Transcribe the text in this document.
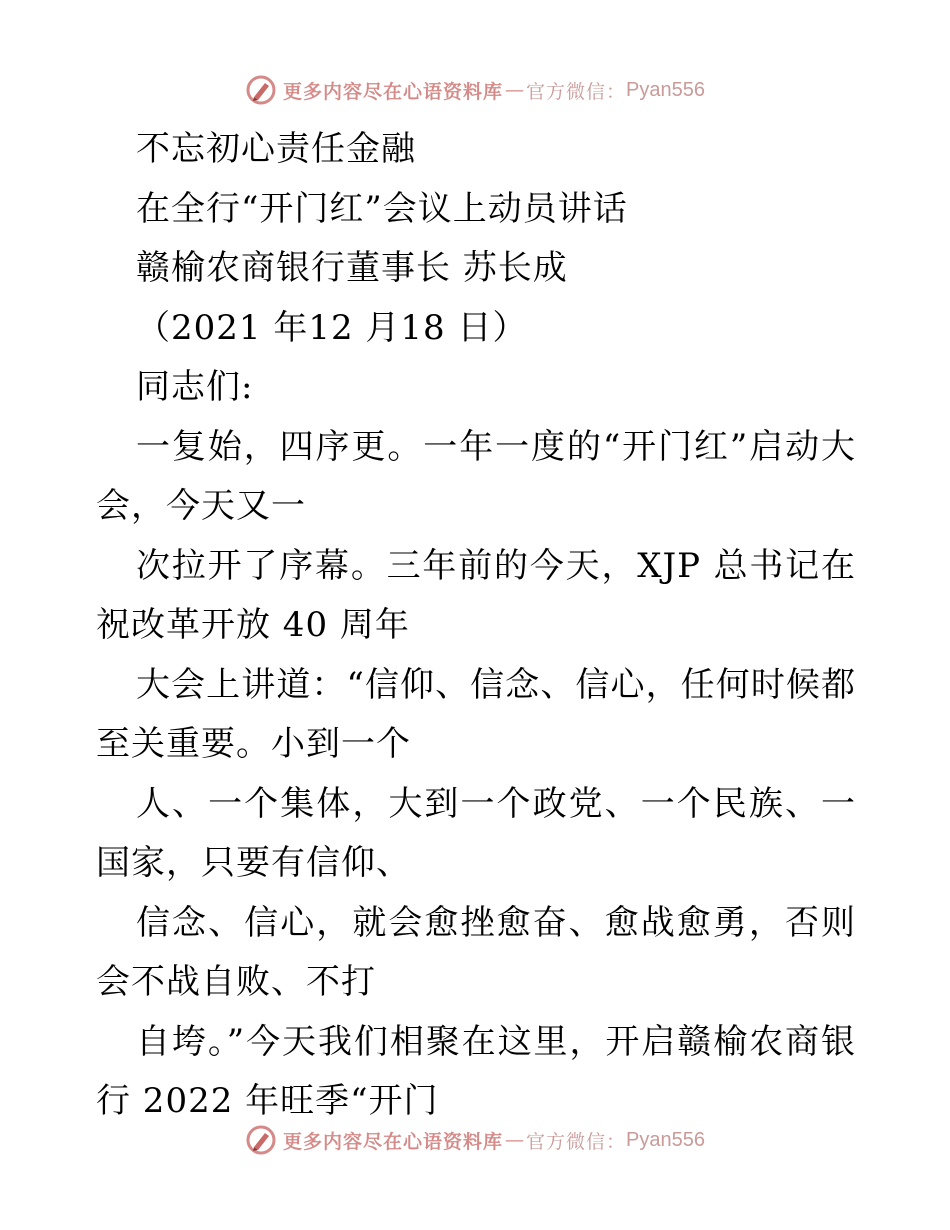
更多内容尽在心语资料库 — 官方微信： Pyan556
不忘初心责任金融
在全行“开门红”会议上动员讲话
赣榆农商银行董事长 苏长成
（2021 年12 月18 日）
同志们:
一复始，四序更。一年一度的“开门红”启动大
会，今天又一
次拉开了序幕。三年前的今天，XJP 总书记在
祝改革开放 40 周年
大会上讲道：“信仰、信念、信心，任何时候都
至关重要。小到一个
人、一个集体，大到一个政党、一个民族、一
国家，只要有信仰、
信念、信心，就会愈挫愈奋、愈战愈勇，否则
会不战自败、不打
自垮。”今天我们相聚在这里，开启赣榆农商银
行 2022 年旺季“开门
更多内容尽在心语资料库 — 官方微信： Pyan556
